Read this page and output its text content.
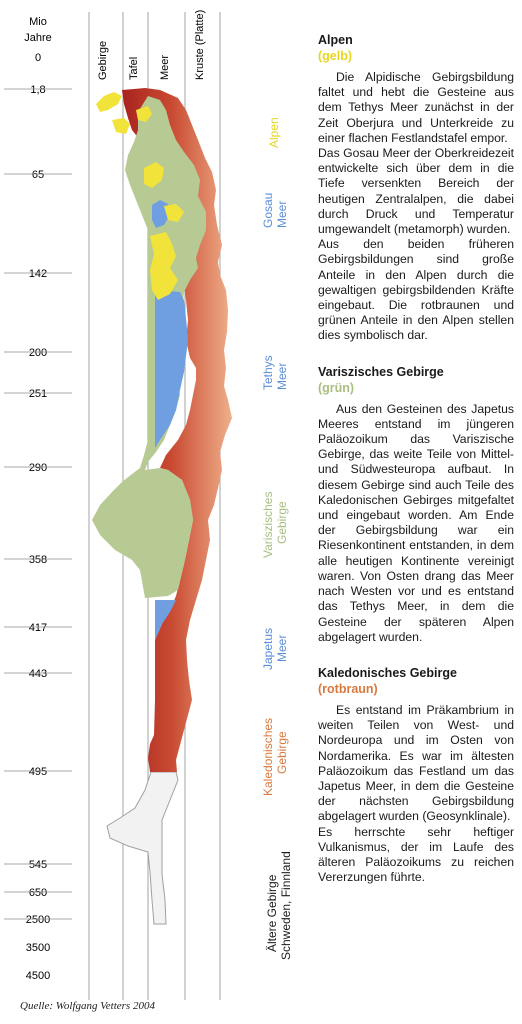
Mio
Jahre
0
1,8
65
142
200
251
290
358
417
443
495
545
650
2500
3500
4500
Gebirge Tafel Meer Kruste (Platte)
Alpen
Gosau Meer
Tethys Meer
Variszisches Gebirge
Japetus Meer
Kaledonisches Gebirge
Ältere Gebirge Schweden, Finnland

Alpen

(gelb)

Die Alpidische Gebirgsbildung faltet und hebt die Gesteine aus dem Tethys Meer zunächst in der Zeit Oberjura und Unterkreide zu einer flachen Festlandstafel empor.

Das Gosau Meer der Oberkreidezeit entwickelte sich über dem in die Tiefe versenkten Bereich der heutigen Zentralalpen, die dabei durch Druck und Temperatur umgewandelt (metamorph) wurden.

Aus den beiden früheren Gebirgsbildungen sind große Anteile in den Alpen durch die gewaltigen gebirgsbildenden Kräfte eingebaut. Die rotbraunen und grünen Anteile in den Alpen stellen dies symbolisch dar.

Variszisches Gebirge

(grün)

Aus den Gesteinen des Japetus Meeres entstand im jüngeren Paläozoikum das Variszische Gebirge, das weite Teile von Mittel- und Südwesteuropa aufbaut. In diesem Gebirge sind auch Teile des Kaledonischen Gebirges mitgefaltet und eingebaut worden. Am Ende der Gebirgsbildung war ein Riesenkontinent entstanden, in dem alle heutigen Kontinente vereinigt waren. Von Osten drang das Meer nach Westen vor und es entstand das Tethys Meer, in dem die Gesteine der späteren Alpen abgelagert wurden.

Kaledonisches Gebirge

(rotbraun)

Es entstand im Präkambrium in weiten Teilen von West- und Nordeuropa und im Osten von Nordamerika. Es war im ältesten Paläozoikum das Festland um das Japetus Meer, in dem die Gesteine der nächsten Gebirgsbildung abgelagert wurden (Geosynklinale).

Es herrschte sehr heftiger Vulkanismus, der im Laufe des älteren Paläozoikums zu reichen Vererzungen führte.

Quelle: Wolfgang Vetters 2004
